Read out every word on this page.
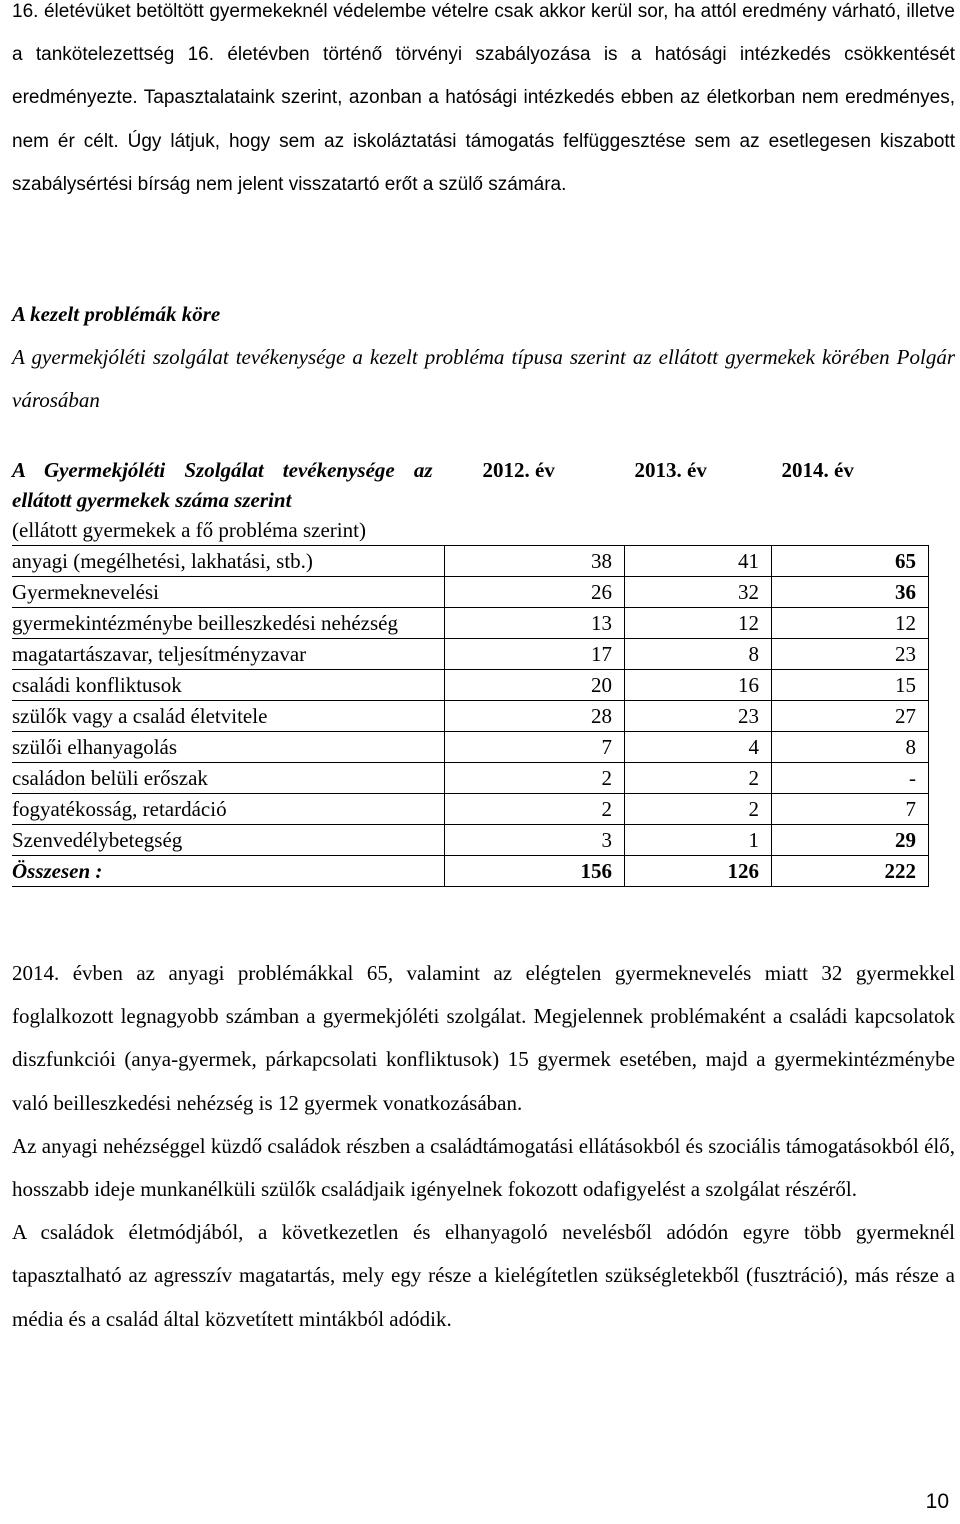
16. életévüket betöltött gyermekeknél védelembe vételre csak akkor kerül sor, ha attól eredmény várható, illetve a tankötelezettség 16. életévben történő törvényi szabályozása is a hatósági intézkedés csökkentését eredményezte. Tapasztalataink szerint, azonban a hatósági intézkedés ebben az életkorban nem eredményes, nem ér célt. Úgy látjuk, hogy sem az iskoláztatási támogatás felfüggesztése sem az esetlegesen kiszabott szabálysértési bírság nem jelent visszatartó erőt a szülő számára.

A kezelt problémák köre
A gyermekjóléti szolgálat tevékenysége a kezelt probléma típusa szerint az ellátott gyermekek körében Polgár városában
A Gyermekjóléti Szolgálat tevékenysége az ellátott gyermekek száma szerint
(ellátott gyermekek a fő probléma szerint)	2012. év	2013. év	2014. év
anyagi (megélhetési, lakhatási, stb.)	38	41	65
Gyermeknevelési	26	32	36
gyermekintézménybe beilleszkedési nehézség	13	12	12
magatartászavar, teljesítményzavar	17	8	23
családi konfliktusok	20	16	15
szülők vagy a család életvitele	28	23	27
szülői elhanyagolás	7	4	8
családon belüli erőszak	2	2	-
fogyatékosság, retardáció	2	2	7
Szenvedélybetegség	3	1	29
Összesen :	156	126	222

2014. évben az anyagi problémákkal 65, valamint az elégtelen gyermeknevelés miatt 32 gyermekkel foglalkozott legnagyobb számban a gyermekjóléti szolgálat. Megjelennek problémaként a családi kapcsolatok diszfunkciói (anya-gyermek, párkapcsolati konfliktusok) 15 gyermek esetében, majd a gyermekintézménybe való beilleszkedési nehézség is 12 gyermek vonatkozásában.

Az anyagi nehézséggel küzdő családok részben a családtámogatási ellátásokból és szociális támogatásokból élő, hosszabb ideje munkanélküli szülők családjaik igényelnek fokozott odafigyelést a szolgálat részéről.

A családok életmódjából, a következetlen és elhanyagoló nevelésből adódón egyre több gyermeknél tapasztalható az agresszív magatartás, mely egy része a kielégítetlen szükségletekből (fusztráció), más része a média és a család által közvetített mintákból adódik.

10
